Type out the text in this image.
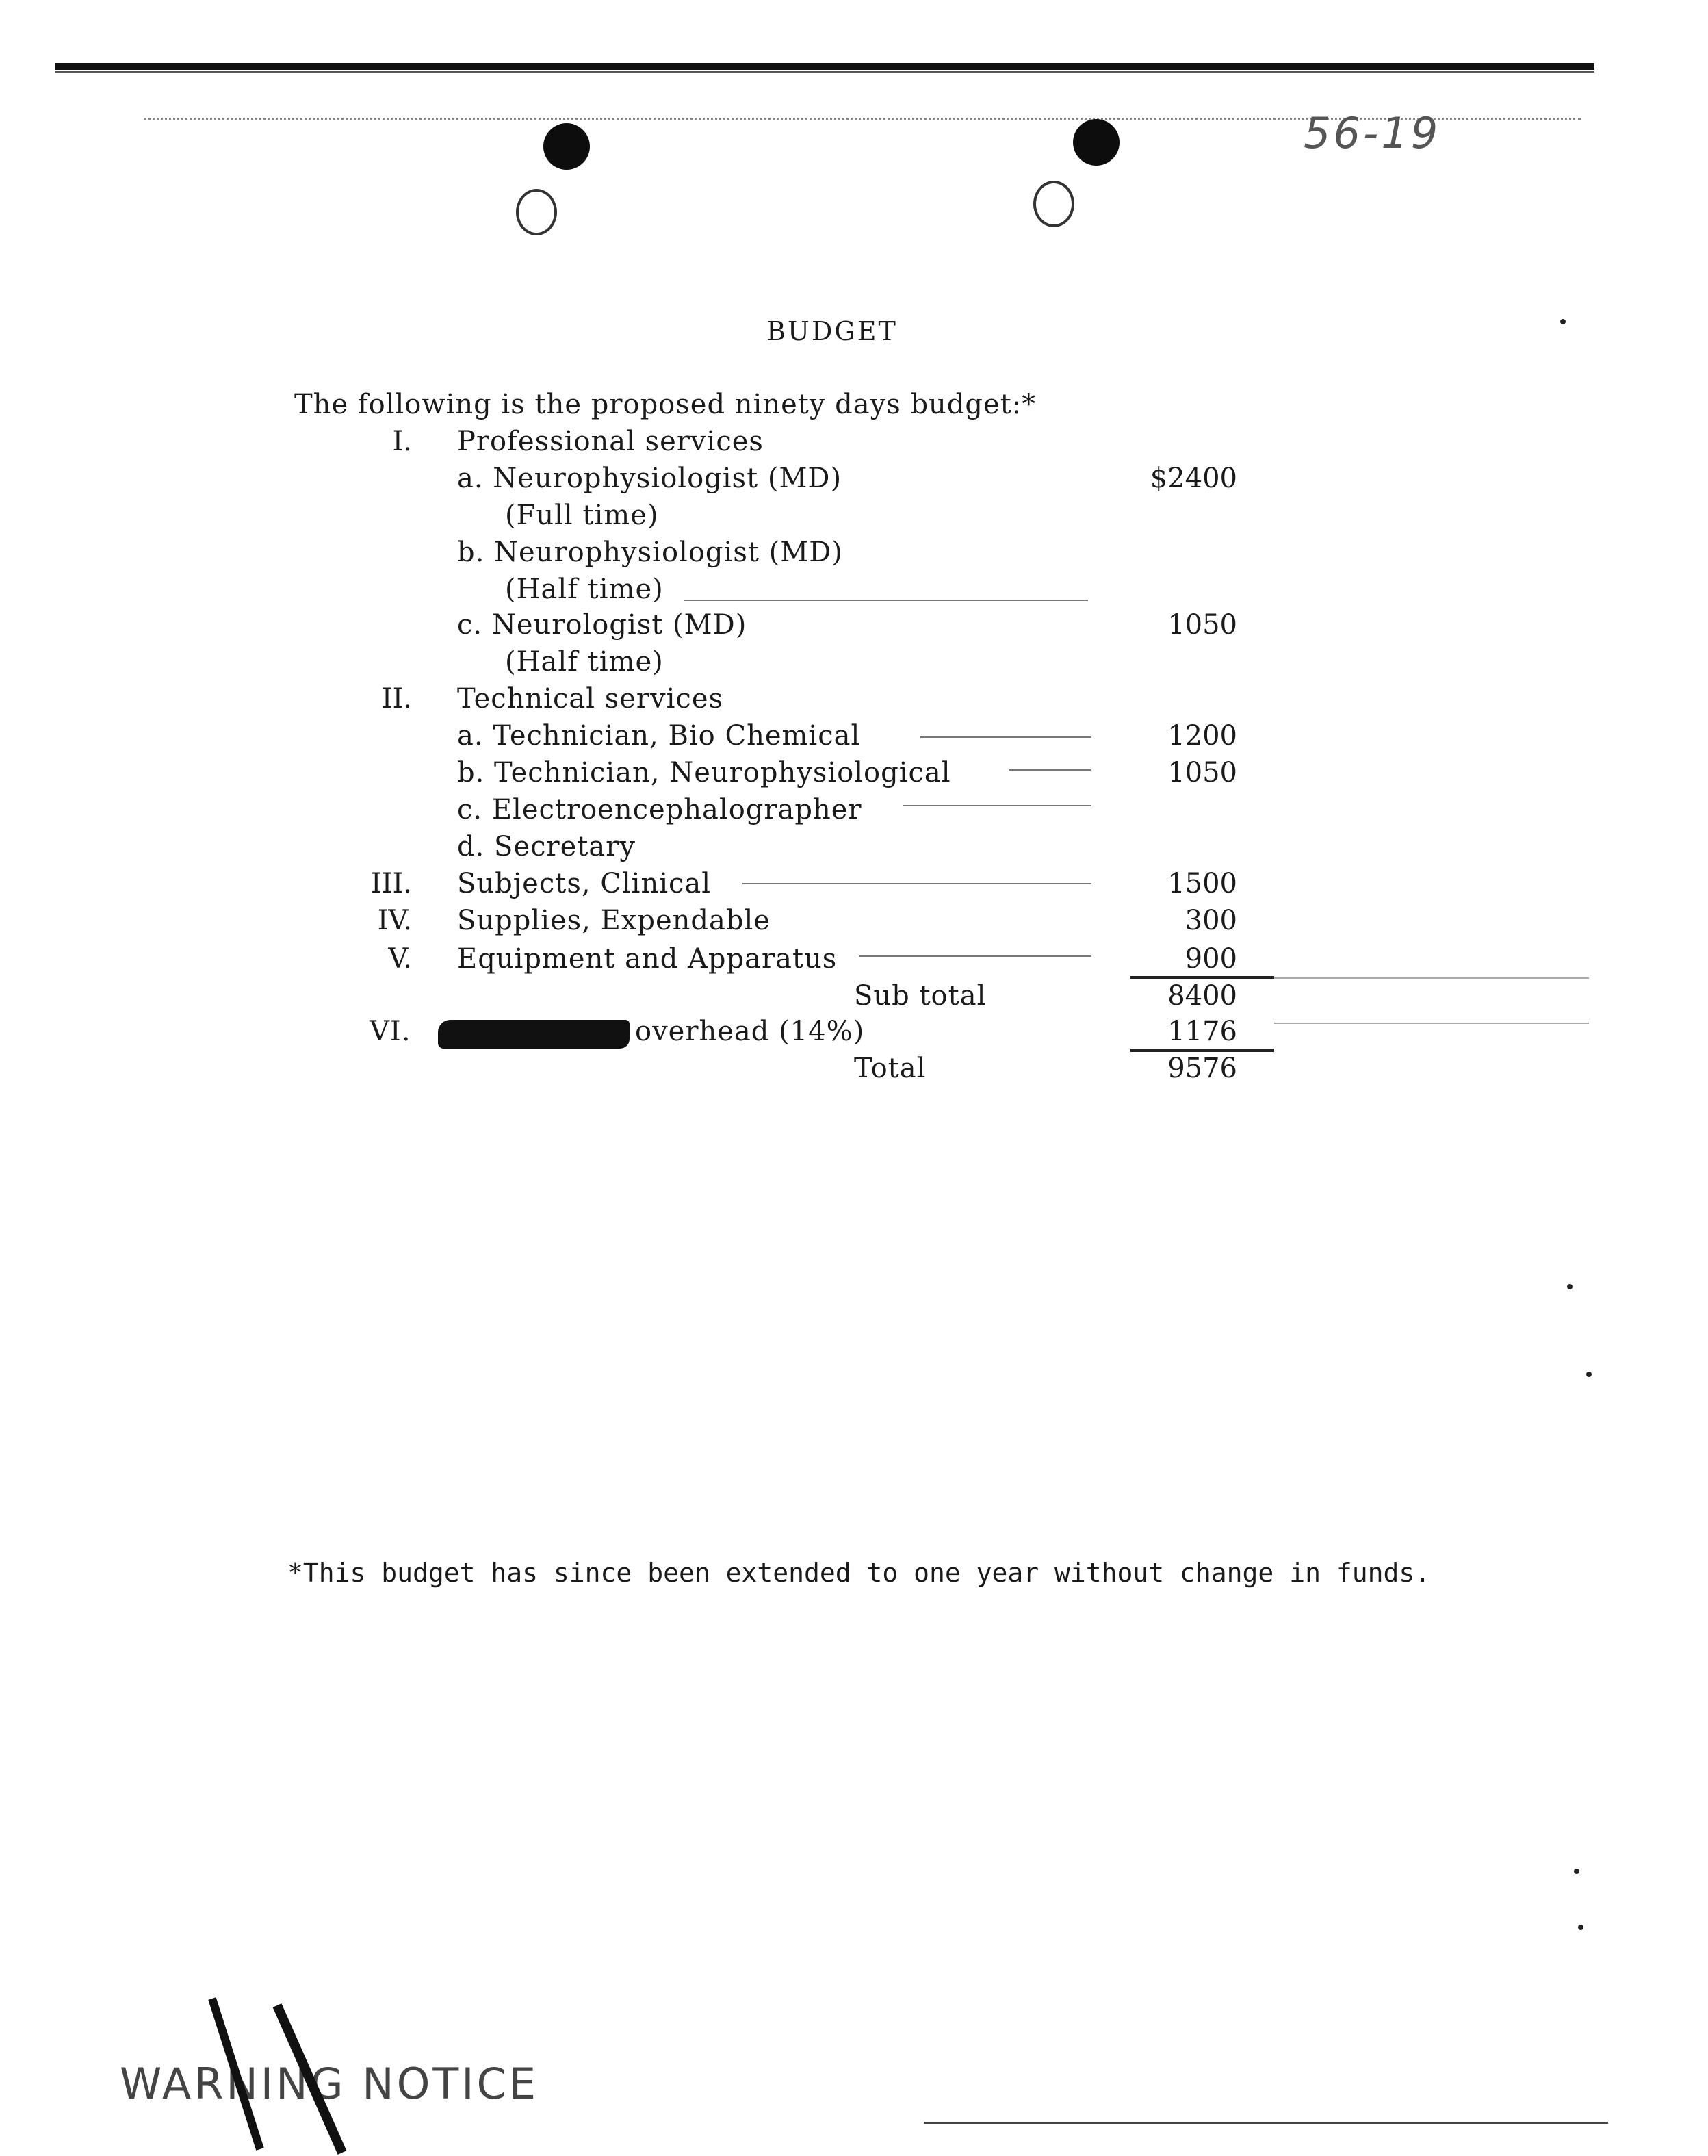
56-19
BUDGET
The following is the proposed ninety days budget:*
I. Professional services
a. Neurophysiologist (MD)	$2400
(Full time)
b. Neurophysiologist (MD)
(Half time)
c. Neurologist (MD)	1050
(Half time)
II. Technical services
a. Technician, Bio Chemical	1200
b. Technician, Neurophysiological	1050
c. Electroencephalographer
d. Secretary
III. Subjects, Clinical	1500
IV. Supplies, Expendable	300
V. Equipment and Apparatus	900
Sub total	8400
VI.	overhead (14%)	1176
Total	9576
*This budget has since been extended to one year without change in funds.
WARNING NOTICE
